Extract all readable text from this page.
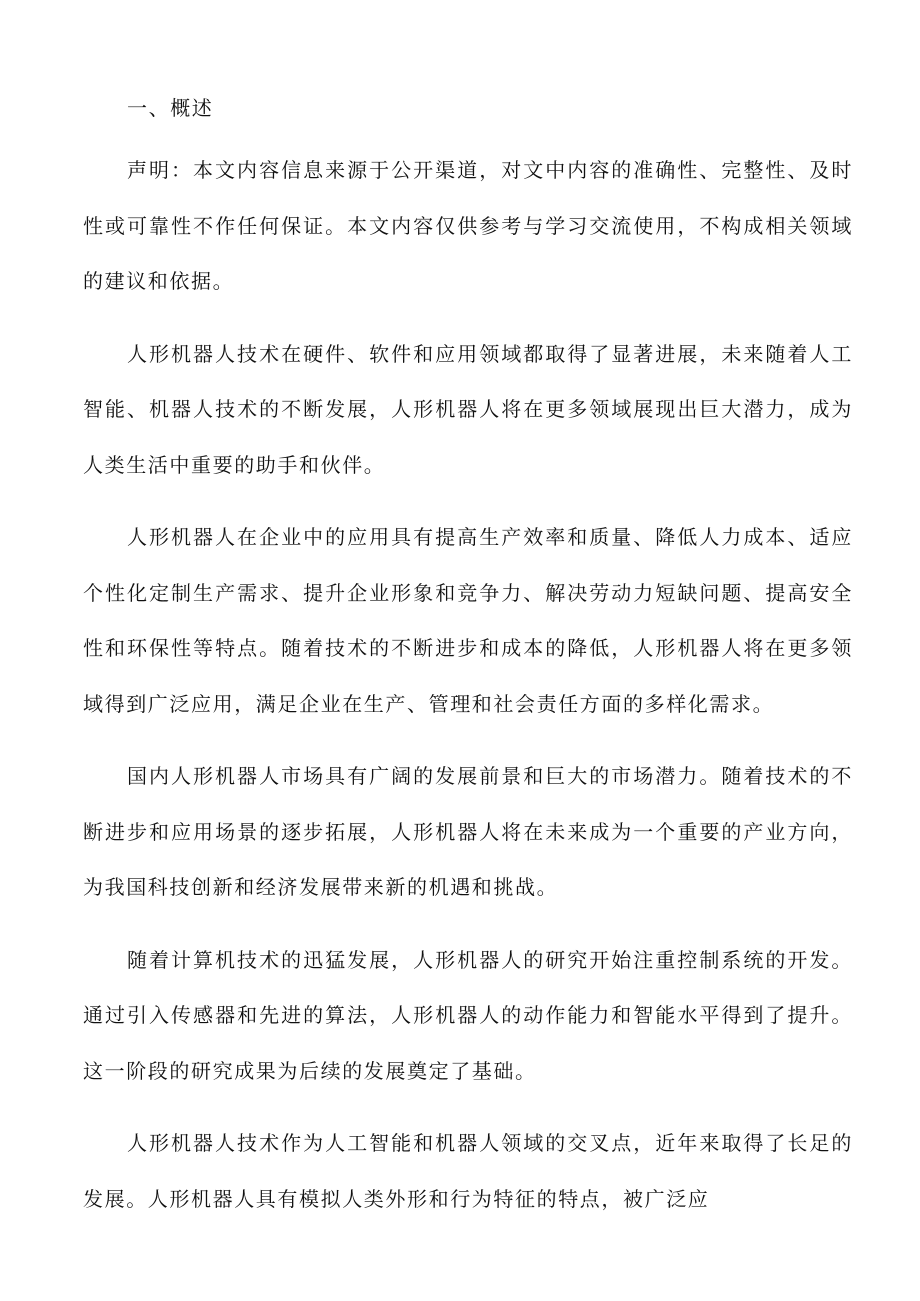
一、概述

声明：本文内容信息来源于公开渠道，对文中内容的准确性、完整性、及时性或可靠性不作任何保证。本文内容仅供参考与学习交流使用，不构成相关领域的建议和依据。

人形机器人技术在硬件、软件和应用领域都取得了显著进展，未来随着人工智能、机器人技术的不断发展，人形机器人将在更多领域展现出巨大潜力，成为人类生活中重要的助手和伙伴。

人形机器人在企业中的应用具有提高生产效率和质量、降低人力成本、适应个性化定制生产需求、提升企业形象和竞争力、解决劳动力短缺问题、提高安全性和环保性等特点。随着技术的不断进步和成本的降低，人形机器人将在更多领域得到广泛应用，满足企业在生产、管理和社会责任方面的多样化需求。

国内人形机器人市场具有广阔的发展前景和巨大的市场潜力。随着技术的不断进步和应用场景的逐步拓展，人形机器人将在未来成为一个重要的产业方向，为我国科技创新和经济发展带来新的机遇和挑战。

随着计算机技术的迅猛发展，人形机器人的研究开始注重控制系统的开发。通过引入传感器和先进的算法，人形机器人的动作能力和智能水平得到了提升。这一阶段的研究成果为后续的发展奠定了基础。

人形机器人技术作为人工智能和机器人领域的交叉点，近年来取得了长足的发展。人形机器人具有模拟人类外形和行为特征的特点，被广泛应
